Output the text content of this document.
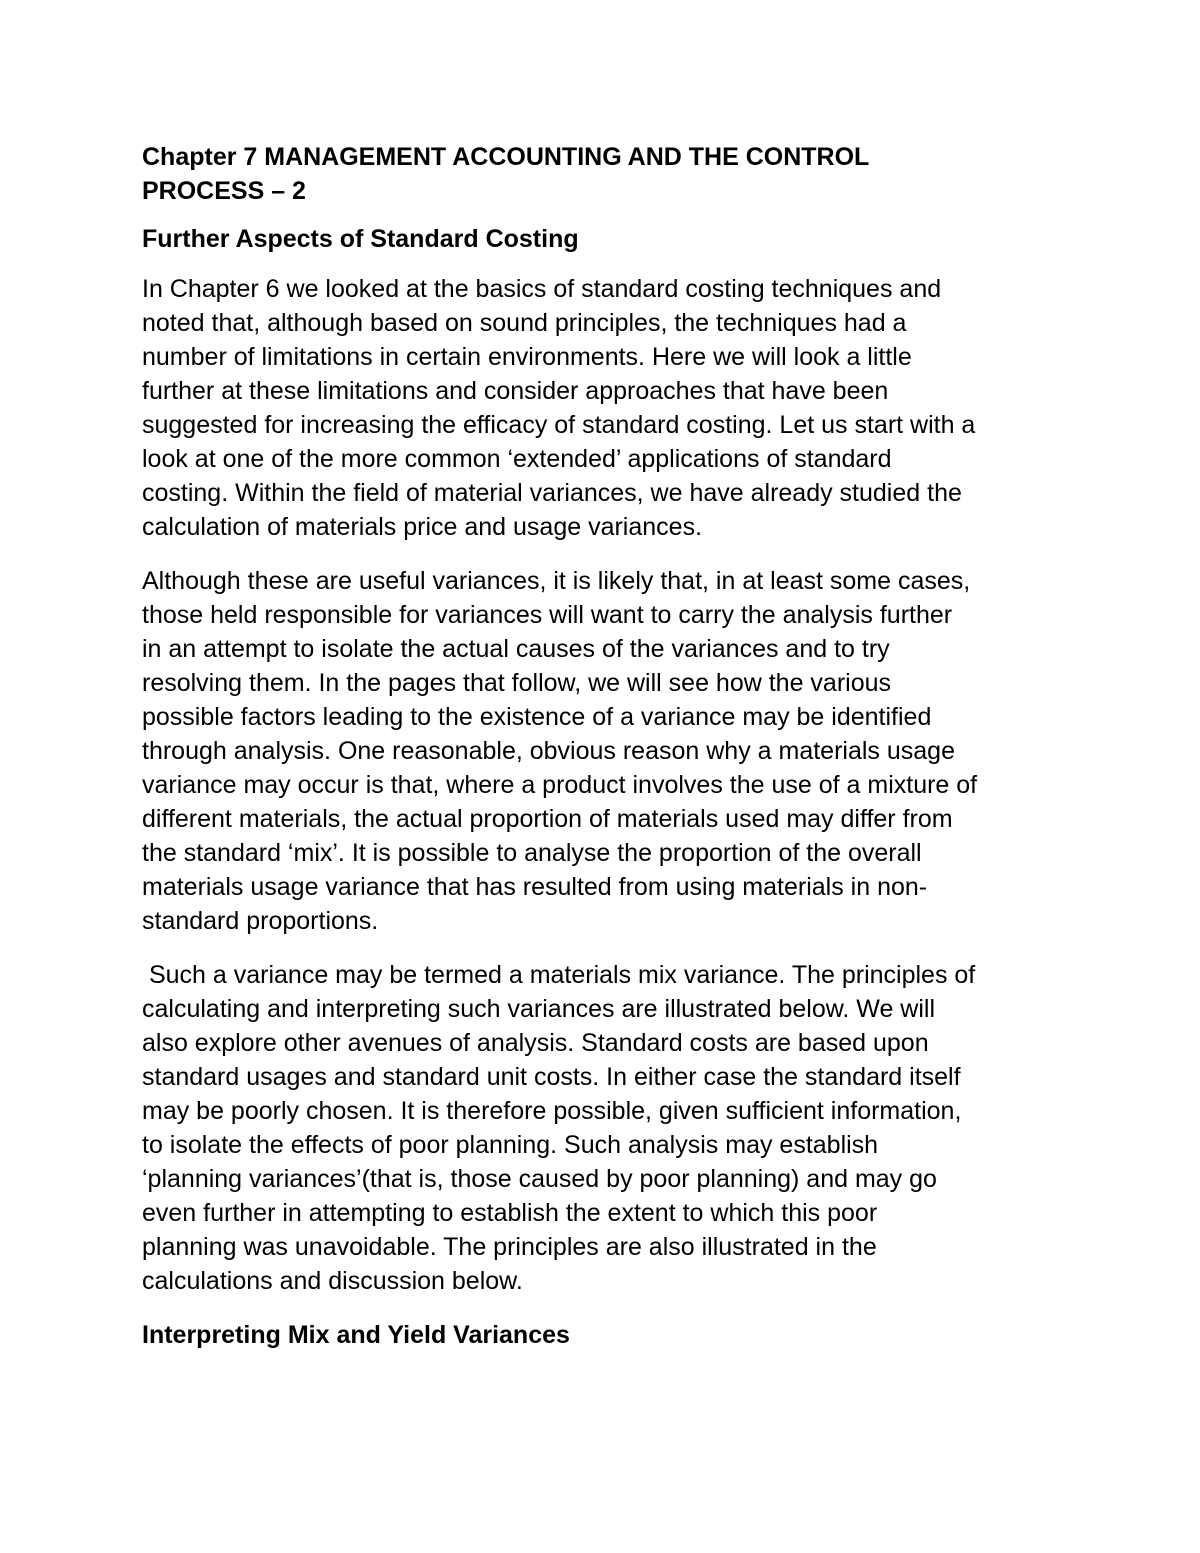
Chapter 7 MANAGEMENT ACCOUNTING AND THE CONTROL
PROCESS – 2
Further Aspects of Standard Costing
In Chapter 6 we looked at the basics of standard costing techniques and
noted that, although based on sound principles, the techniques had a
number of limitations in certain environments. Here we will look a little
further at these limitations and consider approaches that have been
suggested for increasing the efficacy of standard costing. Let us start with a
look at one of the more common ‘extended’ applications of standard
costing. Within the field of material variances, we have already studied the
calculation of materials price and usage variances.
Although these are useful variances, it is likely that, in at least some cases,
those held responsible for variances will want to carry the analysis further
in an attempt to isolate the actual causes of the variances and to try
resolving them. In the pages that follow, we will see how the various
possible factors leading to the existence of a variance may be identified
through analysis. One reasonable, obvious reason why a materials usage
variance may occur is that, where a product involves the use of a mixture of
different materials, the actual proportion of materials used may differ from
the standard ‘mix’. It is possible to analyse the proportion of the overall
materials usage variance that has resulted from using materials in non-
standard proportions.
Such a variance may be termed a materials mix variance. The principles of
calculating and interpreting such variances are illustrated below. We will
also explore other avenues of analysis. Standard costs are based upon
standard usages and standard unit costs. In either case the standard itself
may be poorly chosen. It is therefore possible, given sufficient information,
to isolate the effects of poor planning. Such analysis may establish
‘planning variances’(that is, those caused by poor planning) and may go
even further in attempting to establish the extent to which this poor
planning was unavoidable. The principles are also illustrated in the
calculations and discussion below.
Interpreting Mix and Yield Variances
